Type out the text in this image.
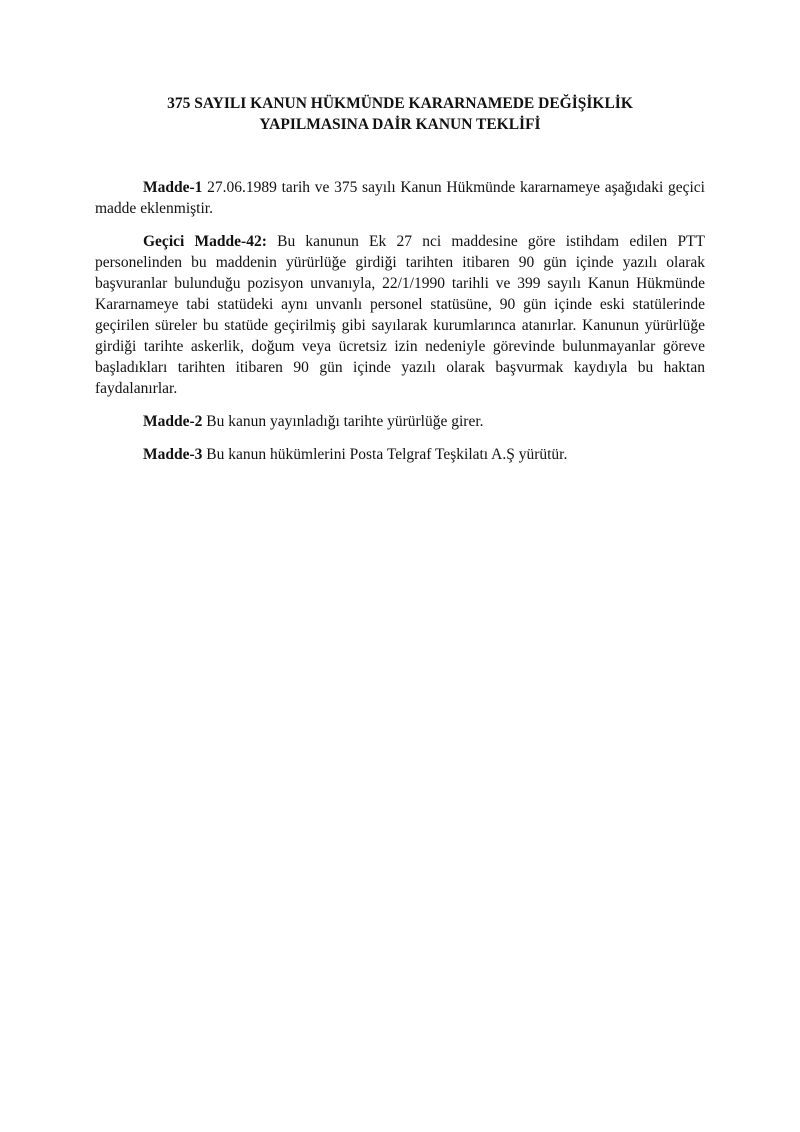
375 SAYILI KANUN HÜKMÜNDE KARARNAMEDE DEĞİŞİKLİK
YAPILMASINA DAİR KANUN TEKLİFİ

Madde-1 27.06.1989 tarih ve 375 sayılı Kanun Hükmünde kararnameye aşağıdaki geçici madde eklenmiştir.

Geçici Madde-42: Bu kanunun Ek 27 nci maddesine göre istihdam edilen PTT personelinden bu maddenin yürürlüğe girdiği tarihten itibaren 90 gün içinde yazılı olarak başvuranlar bulunduğu pozisyon unvanıyla, 22/1/1990 tarihli ve 399 sayılı Kanun Hükmünde Kararnameye tabi statüdeki aynı unvanlı personel statüsüne, 90 gün içinde eski statülerinde geçirilen süreler bu statüde geçirilmiş gibi sayılarak kurumlarınca atanırlar. Kanunun yürürlüğe girdiği tarihte askerlik, doğum veya ücretsiz izin nedeniyle görevinde bulunmayanlar göreve başladıkları tarihten itibaren 90 gün içinde yazılı olarak başvurmak kaydıyla bu haktan faydalanırlar.

Madde-2 Bu kanun yayınladığı tarihte yürürlüğe girer.

Madde-3 Bu kanun hükümlerini Posta Telgraf Teşkilatı A.Ş yürütür.
